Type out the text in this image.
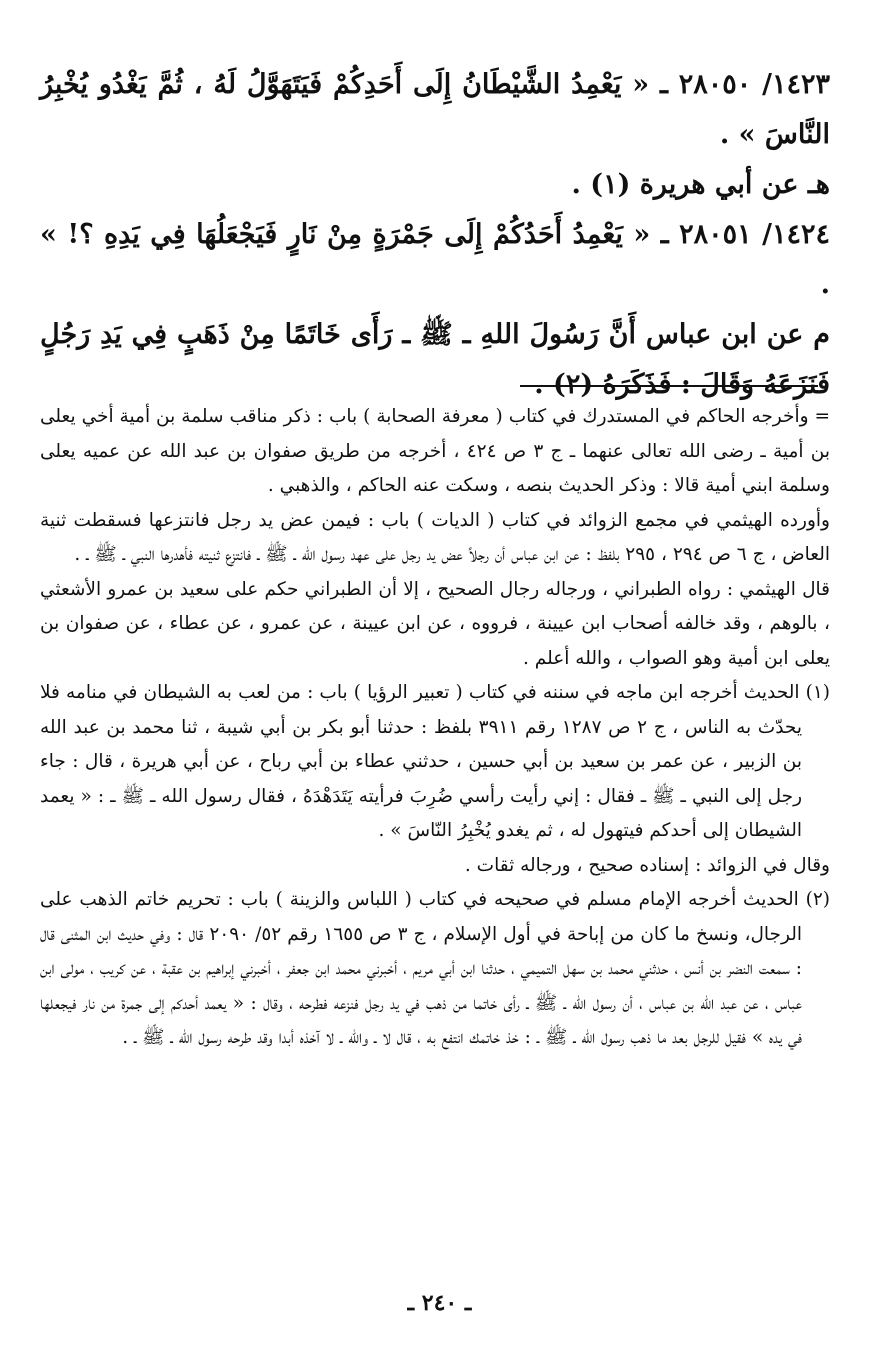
١٤٢٣/ ٢٨٠٥٠ ـ « يَعْمِدُ الشَّيْطَانُ إِلَى أَحَدِكُمْ فَيَتَهَوَّلُ لَهُ ، ثُمَّ يَغْدُو يُخْبِرُ النَّاسَ » .

هـ عن أبي هريرة (١) .

١٤٢٤/ ٢٨٠٥١ ـ « يَعْمِدُ أَحَدُكُمْ إِلَى جَمْرَةٍ مِنْ نَارٍ فَيَجْعَلُهَا فِي يَدِهِ ؟! » .

م عن ابن عباس أَنَّ رَسُولَ اللهِ ـ ﷺ ـ رَأَى خَاتَمًا مِنْ ذَهَبٍ فِي يَدِ رَجُلٍ فَنَزَعَهُ وَقَالَ : فَذَكَرَهُ (٢) .

= وأخرجه الحاكم في المستدرك في كتاب ( معرفة الصحابة ) باب : ذكر مناقب سلمة بن أمية أخي يعلى بن أمية ـ رضى الله تعالى عنهما ـ ج ٣ ص ٤٢٤ ، أخرجه من طريق صفوان بن عبد الله عن عميه يعلى وسلمة ابني أمية قالا : وذكر الحديث بنصه ، وسكت عنه الحاكم ، والذهبي .

وأورده الهيثمي في مجمع الزوائد في كتاب ( الديات ) باب : فيمن عض يد رجل فانتزعها فسقطت ثنية العاض ، ج ٦ ص ٢٩٤ ، ٢٩٥ بلفظ : عن ابن عباس أن رجلاً عض يد رجل على عهد رسول الله ـ ﷺ ـ فانتزع ثنيته فأهدرها النبي ـ ﷺ ـ .

قال الهيثمي : رواه الطبراني ، ورجاله رجال الصحيح ، إلا أن الطبراني حكم على سعيد بن عمرو الأشعثي ، بالوهم ، وقد خالفه أصحاب ابن عيينة ، فرووه ، عن ابن عيينة ، عن عمرو ، عن عطاء ، عن صفوان بن يعلى ابن أمية وهو الصواب ، والله أعلم .

(١) الحديث أخرجه ابن ماجه في سننه في كتاب ( تعبير الرؤيا ) باب : من لعب به الشيطان في منامه فلا يحدّث به الناس ، ج ٢ ص ١٢٨٧ رقم ٣٩١١ بلفظ : حدثنا أبو بكر بن أبي شيبة ، ثنا محمد بن عبد الله بن الزبير ، عن عمر بن سعيد بن أبي حسين ، حدثني عطاء بن أبي رباح ، عن أبي هريرة ، قال : جاء رجل إلى النبي ـ ﷺ ـ فقال : إني رأيت رأسي ضُرِبَ فرأيته يَتَدَهْدَهُ ، فقال رسول الله ـ ﷺ ـ : « يعمد الشيطان إلى أحدكم فيتهول له ، ثم يغدو يُخْبِرُ النّاسَ » .

وقال في الزوائد : إسناده صحيح ، ورجاله ثقات .

(٢) الحديث أخرجه الإمام مسلم في صحيحه في كتاب ( اللباس والزينة ) باب : تحريم خاتم الذهب على الرجال، ونسخ ما كان من إباحة في أول الإسلام ، ج ٣ ص ١٦٥٥ رقم ٥٢/ ٢٠٩٠ قال : وفي حديث ابن المثنى قال : سمعت النضر بن أنس ، حدثني محمد بن سهل التميمي ، حدثنا ابن أبي مريم ، أخبرني محمد ابن جعفر ، أخبرني إبراهيم بن عقبة ، عن كريب ، مولى ابن عباس ، عن عبد الله بن عباس ، أن رسول الله ـ ﷺ ـ رأى خاتما من ذهب في يد رجل فنزعه فطرحه ، وقال : « يعمد أحدكم إلى جمرة من نار فيجعلها في يده » فقيل للرجل بعد ما ذهب رسول الله ـ ﷺ ـ : خذ خاتمك انتفع به ، قال لا ـ والله ـ لا آخذه أبدا وقد طرحه رسول الله ـ ﷺ ـ .

ـ ٢٤٠ ـ
